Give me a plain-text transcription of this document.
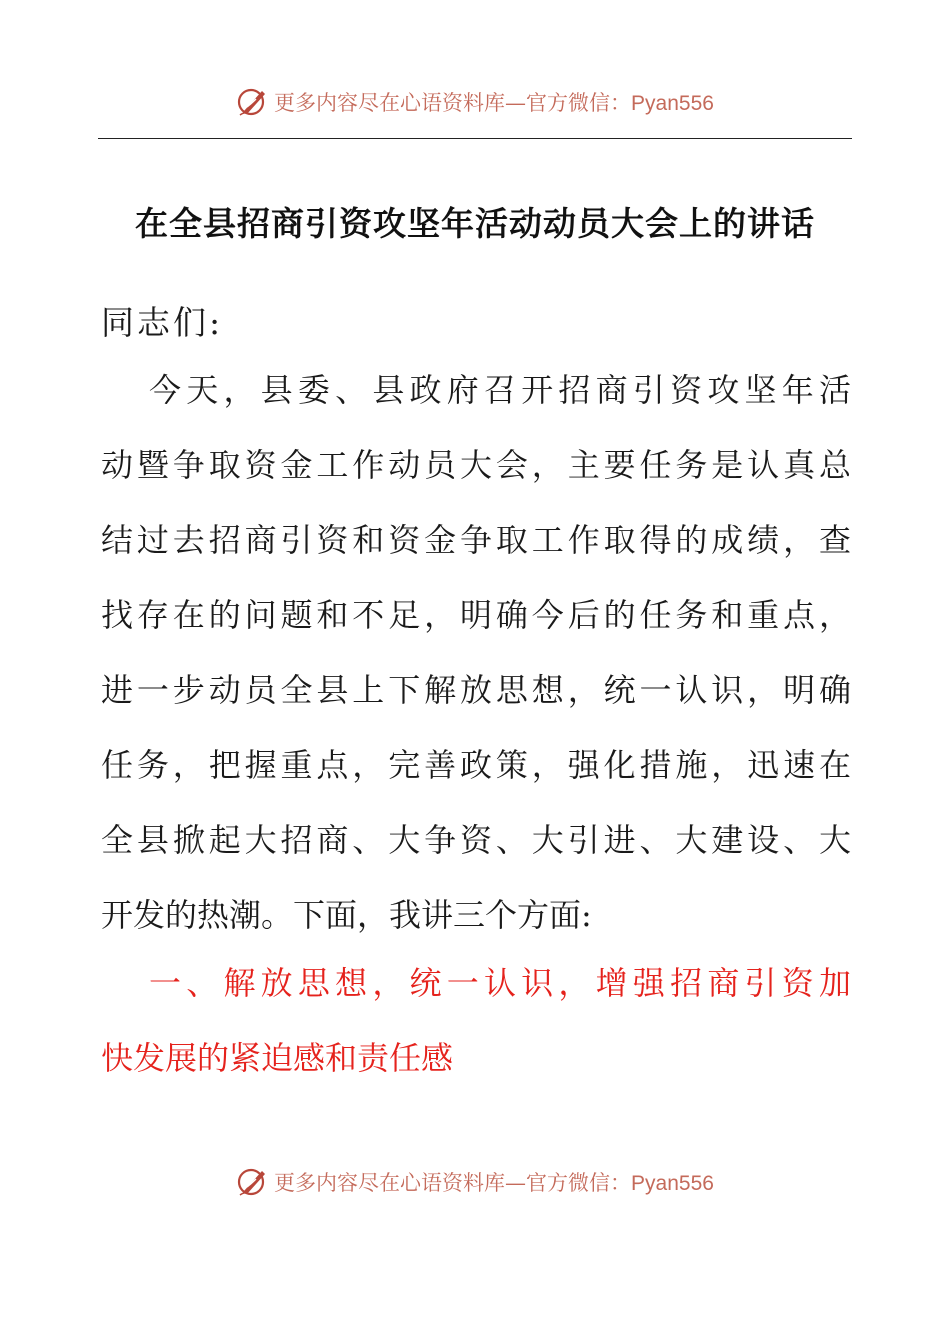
更多内容尽在心语资料库—官方微信：Pyan556
在全县招商引资攻坚年活动动员大会上的讲话
同志们:
今天，县委、县政府召开招商引资攻坚年活
动暨争取资金工作动员大会，主要任务是认真总
结过去招商引资和资金争取工作取得的成绩，查
找存在的问题和不足，明确今后的任务和重点，
进一步动员全县上下解放思想，统一认识，明确
任务，把握重点，完善政策，强化措施，迅速在
全县掀起大招商、大争资、大引进、大建设、大
开发的热潮。下面，我讲三个方面:
一、解放思想，统一认识，增强招商引资加
快发展的紧迫感和责任感
更多内容尽在心语资料库—官方微信：Pyan556
